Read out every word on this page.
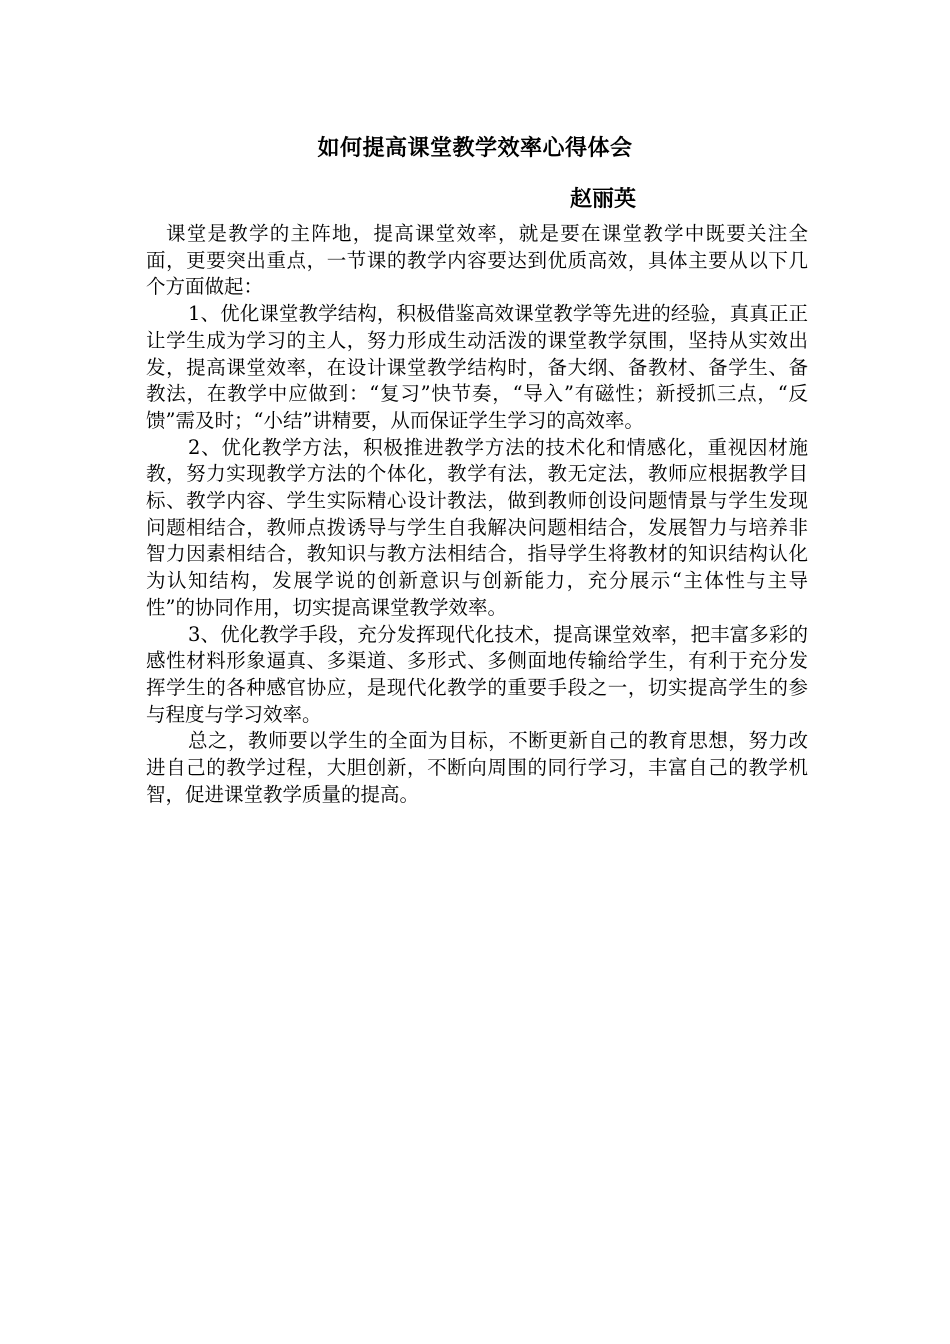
如何提高课堂教学效率心得体会
赵丽英

课堂是教学的主阵地，提高课堂效率，就是要在课堂教学中既要关注全面，更要突出重点，一节课的教学内容要达到优质高效，具体主要从以下几个方面做起：

1、优化课堂教学结构，积极借鉴高效课堂教学等先进的经验，真真正正让学生成为学习的主人，努力形成生动活泼的课堂教学氛围，坚持从实效出发，提高课堂效率，在设计课堂教学结构时，备大纲、备教材、备学生、备教法，在教学中应做到：“复习”快节奏，“导入”有磁性；新授抓三点，“反馈”需及时；“小结”讲精要，从而保证学生学习的高效率。

2、优化教学方法，积极推进教学方法的技术化和情感化，重视因材施教，努力实现教学方法的个体化，教学有法，教无定法，教师应根据教学目标、教学内容、学生实际精心设计教法，做到教师创设问题情景与学生发现问题相结合，教师点拨诱导与学生自我解决问题相结合，发展智力与培养非智力因素相结合，教知识与教方法相结合，指导学生将教材的知识结构认化为认知结构，发展学说的创新意识与创新能力，充分展示“主体性与主导性”的协同作用，切实提高课堂教学效率。

3、优化教学手段，充分发挥现代化技术，提高课堂效率，把丰富多彩的感性材料形象逼真、多渠道、多形式、多侧面地传输给学生，有利于充分发挥学生的各种感官协应，是现代化教学的重要手段之一，切实提高学生的参与程度与学习效率。

总之，教师要以学生的全面为目标，不断更新自己的教育思想，努力改进自己的教学过程，大胆创新，不断向周围的同行学习，丰富自己的教学机智，促进课堂教学质量的提高。
